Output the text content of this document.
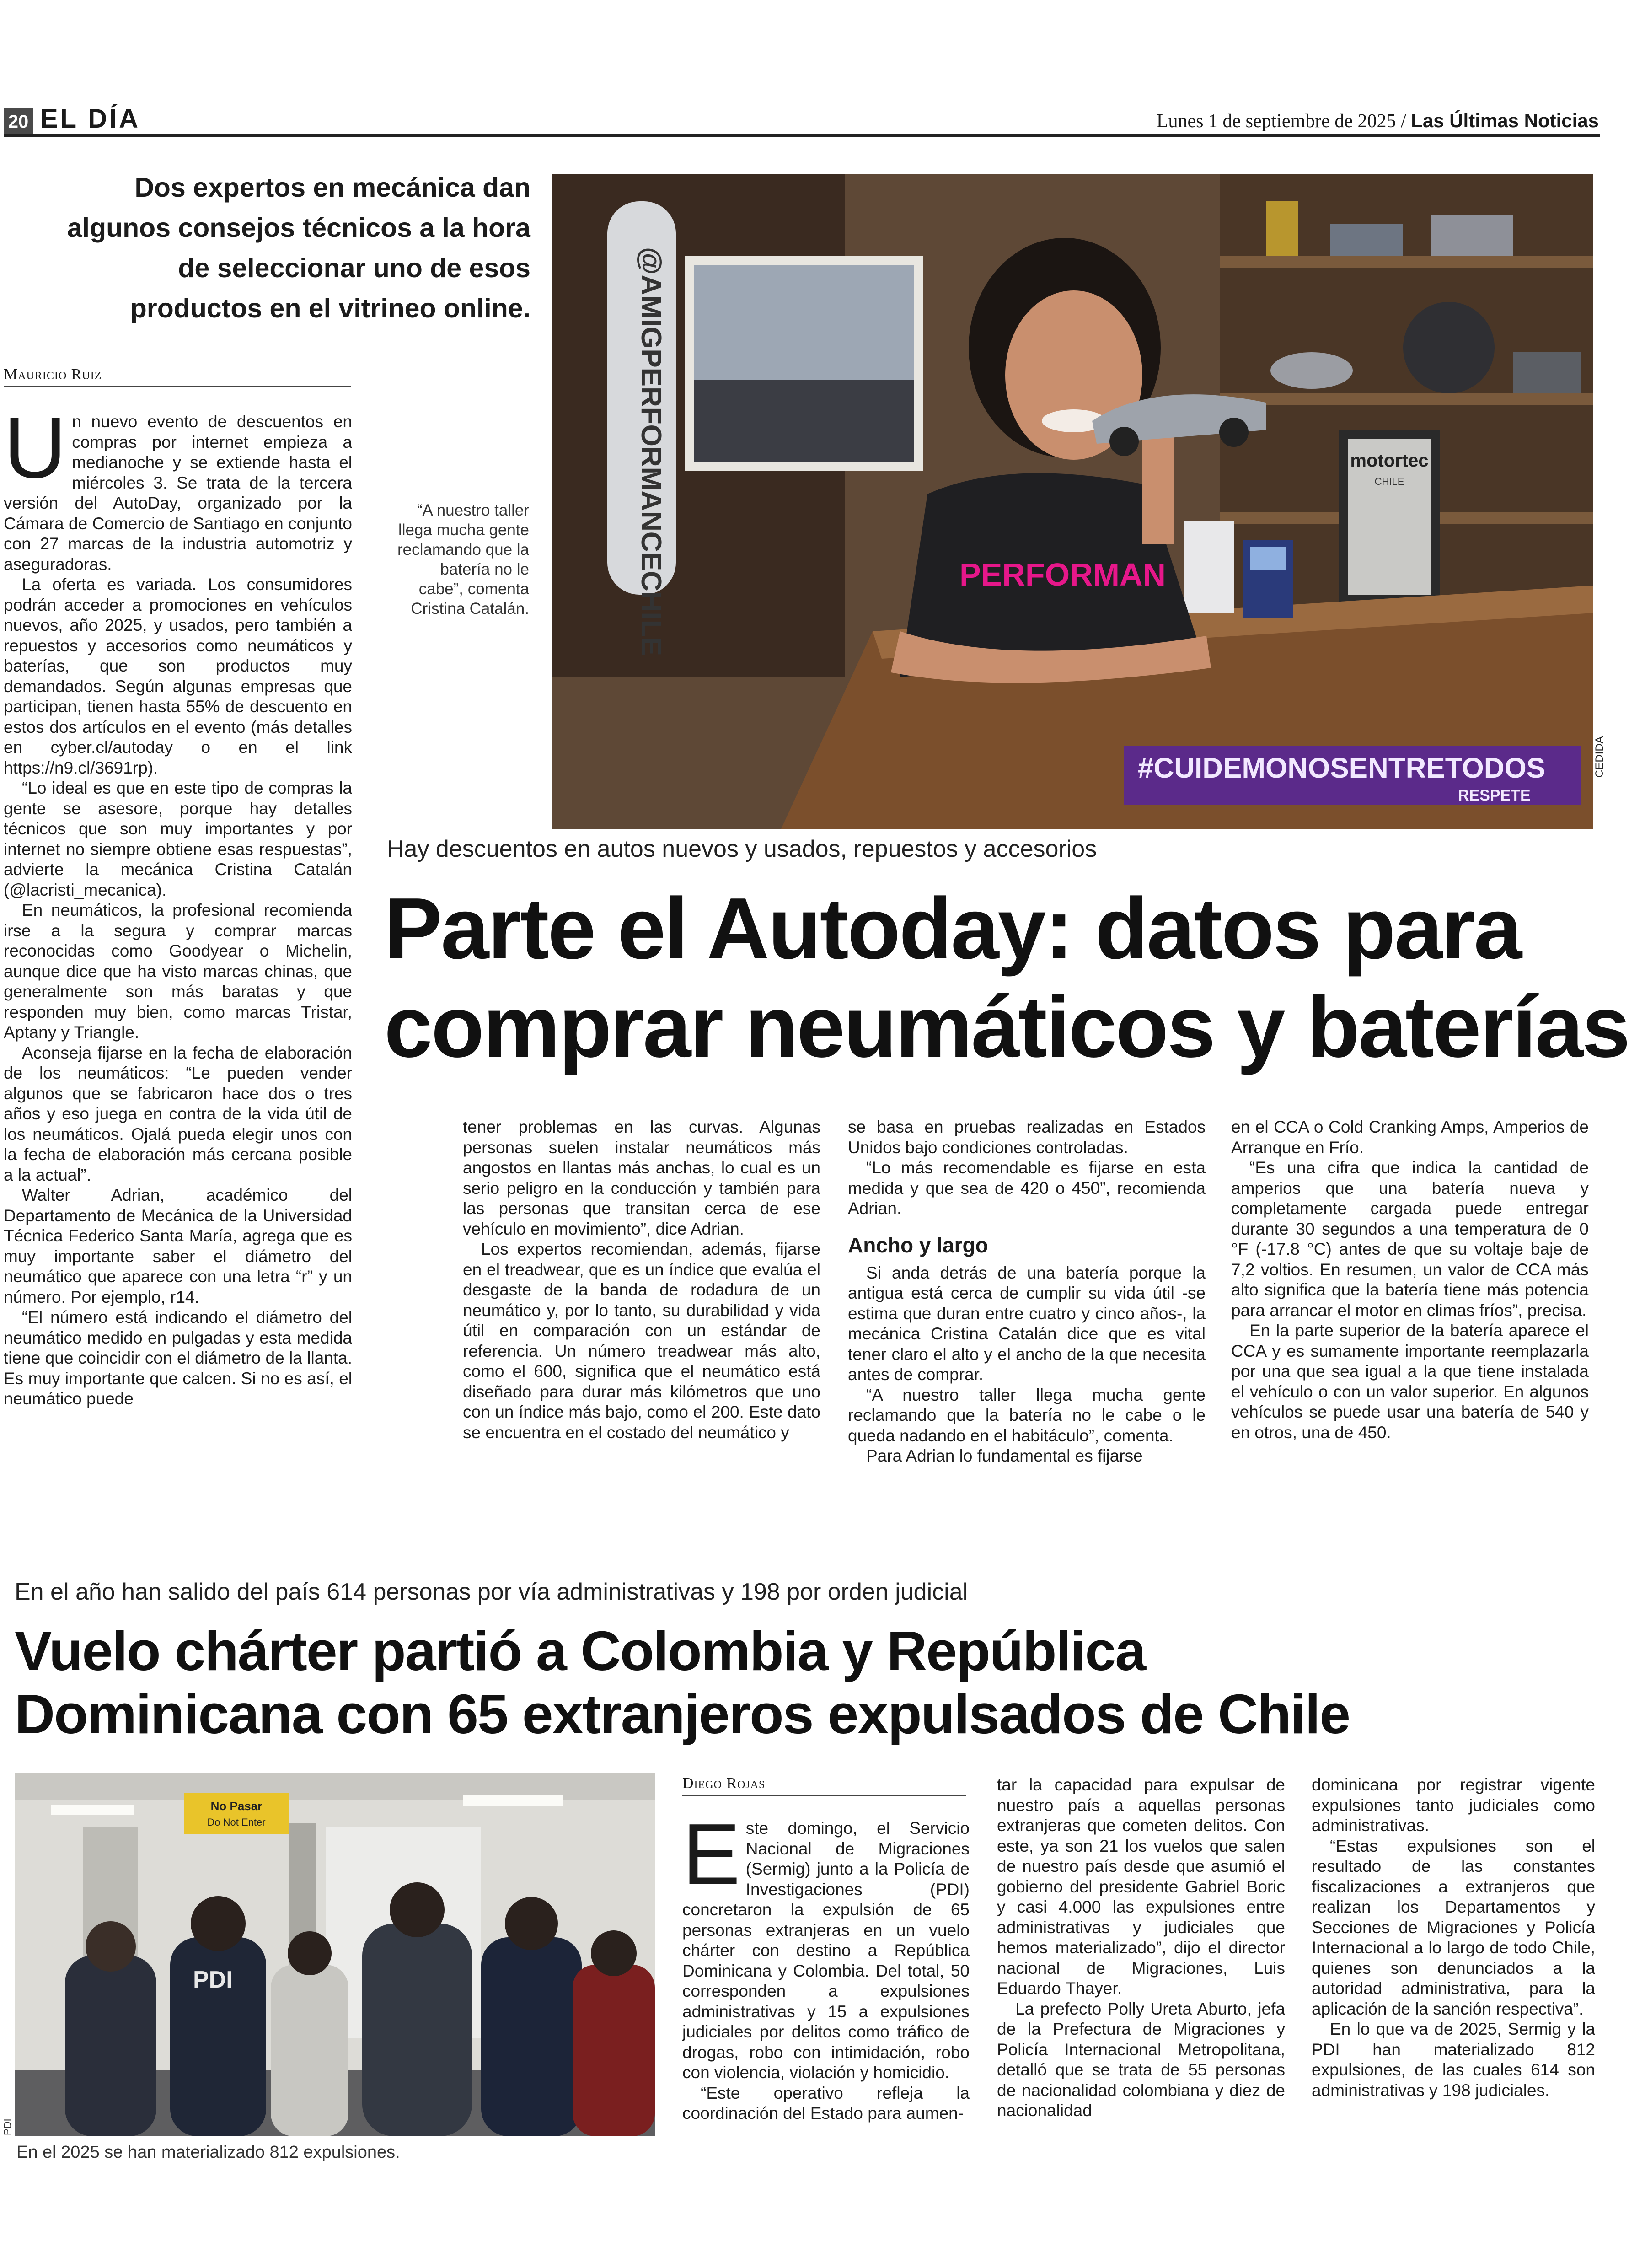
20 EL DÍA	Lunes 1 de septiembre de 2025 / Las Últimas Noticias
Dos expertos en mecánica dan algunos consejos técnicos a la hora de seleccionar uno de esos productos en el vitrineo online.
Mauricio Ruiz
U n nuevo evento de descuentos en compras por internet empieza a medianoche y se extiende hasta el miércoles 3. Se trata de la tercera versión del AutoDay, organizado por la Cámara de Comercio de Santiago en conjunto con 27 marcas de la industria automotriz y aseguradoras.

La oferta es variada. Los consumidores podrán acceder a promociones en vehículos nuevos, año 2025, y usados, pero también a repuestos y accesorios como neumáticos y baterías, que son productos muy demandados. Según algunas empresas que participan, tienen hasta 55% de descuento en estos dos artículos en el evento (más detalles en cyber.cl/autoday o en el link https://n9.cl/3691rp).

“Lo ideal es que en este tipo de compras la gente se asesore, porque hay detalles técnicos que son muy importantes y por internet no siempre obtiene esas respuestas”, advierte la mecánica Cristina Catalán (@lacristi_mecanica).

En neumáticos, la profesional recomienda irse a la segura y comprar marcas reconocidas como Goodyear o Michelin, aunque dice que ha visto marcas chinas, que generalmente son más baratas y que responden muy bien, como marcas Tristar, Aptany y Triangle.

Aconseja fijarse en la fecha de elaboración de los neumáticos: “Le pueden vender algunos que se fabricaron hace dos o tres años y eso juega en contra de la vida útil de los neumáticos. Ojalá pueda elegir unos con la fecha de elaboración más cercana posible a la actual”.

Walter Adrian, académico del Departamento de Mecánica de la Universidad Técnica Federico Santa María, agrega que es muy importante saber el diámetro del neumático que aparece con una letra “r” y un número. Por ejemplo, r14.

“El número está indicando el diámetro del neumático medido en pulgadas y esta medida tiene que coincidir con el diámetro de la llanta. Es muy importante que calcen. Si no es así, el neumático puede

“A nuestro taller llega mucha gente reclamando que la batería no le cabe”, comenta Cristina Catalán.	@AMIGPERFORMANCECHILE	motortec
CHILE
#CUIDEMONOSENTRETODOS
RESPETE
PERFORMAN
CEDIDA
Hay descuentos en autos nuevos y usados, repuestos y accesorios
Parte el Autoday: datos para
comprar neumáticos y baterías

tener problemas en las curvas. Algunas personas suelen instalar neumáticos más angostos en llantas más anchas, lo cual es un serio peligro en la conducción y también para las personas que transitan cerca de ese vehículo en movimiento”, dice Adrian.

Los expertos recomiendan, además, fijarse en el treadwear, que es un índice que evalúa el desgaste de la banda de rodadura de un neumático y, por lo tanto, su durabilidad y vida útil en comparación con un estándar de referencia. Un número treadwear más alto, como el 600, significa que el neumático está diseñado para durar más kilómetros que uno con un índice más bajo, como el 200. Este dato se encuentra en el costado del neumático y

se basa en pruebas realizadas en Estados Unidos bajo condiciones controladas.

“Lo más recomendable es fijarse en esta medida y que sea de 420 o 450”, recomienda Adrian.

Ancho y largo

Si anda detrás de una batería porque la antigua está cerca de cumplir su vida útil -se estima que duran entre cuatro y cinco años-, la mecánica Cristina Catalán dice que es vital tener claro el alto y el ancho de la que necesita antes de comprar.

“A nuestro taller llega mucha gente reclamando que la batería no le cabe o le queda nadando en el habitáculo”, comenta.

Para Adrian lo fundamental es fijarse

en el CCA o Cold Cranking Amps, Amperios de Arranque en Frío.

“Es una cifra que indica la cantidad de amperios que una batería nueva y completamente cargada puede entregar durante 30 segundos a una temperatura de 0 °F (-17.8 °C) antes de que su voltaje baje de 7,2 voltios. En resumen, un valor de CCA más alto significa que la batería tiene más potencia para arrancar el motor en climas fríos”, precisa.

En la parte superior de la batería aparece el CCA y es sumamente importante reemplazarla por una que sea igual a la que tiene instalada el vehículo o con un valor superior. En algunos vehículos se puede usar una batería de 540 y en otros, una de 450.

En el año han salido del país 614 personas por vía administrativas y 198 por orden judicial
Vuelo chárter partió a Colombia y República
Dominicana con 65 extranjeros expulsados de Chile
No Pasar
Do Not Enter
PDI
PDI
En el 2025 se han materializado 812 expulsiones.
Diego Rojas
E ste domingo, el Servicio Nacional de Migraciones (Sermig) junto a la Policía de Investigaciones (PDI) concretaron la expulsión de 65 personas extranjeras en un vuelo chárter con destino a República Dominicana y Colombia. Del total, 50 corresponden a expulsiones administrativas y 15 a expulsiones judiciales por delitos como tráfico de drogas, robo con intimidación, robo con violencia, violación y homicidio.

“Este operativo refleja la coordinación del Estado para aumen-

tar la capacidad para expulsar de nuestro país a aquellas personas extranjeras que cometen delitos. Con este, ya son 21 los vuelos que salen de nuestro país desde que asumió el gobierno del presidente Gabriel Boric y casi 4.000 las expulsiones entre administrativas y judiciales que hemos materializado”, dijo el director nacional de Migraciones, Luis Eduardo Thayer.

La prefecto Polly Ureta Aburto, jefa de la Prefectura de Migraciones y Policía Internacional Metropolitana, detalló que se trata de 55 personas de nacionalidad colombiana y diez de nacionalidad

dominicana por registrar vigente expulsiones tanto judiciales como administrativas.

“Estas expulsiones son el resultado de las constantes fiscalizaciones a extranjeros que realizan los Departamentos y Secciones de Migraciones y Policía Internacional a lo largo de todo Chile, quienes son denunciados a la autoridad administrativa, para la aplicación de la sanción respectiva”.

En lo que va de 2025, Sermig y la PDI han materializado 812 expulsiones, de las cuales 614 son administrativas y 198 judiciales.
